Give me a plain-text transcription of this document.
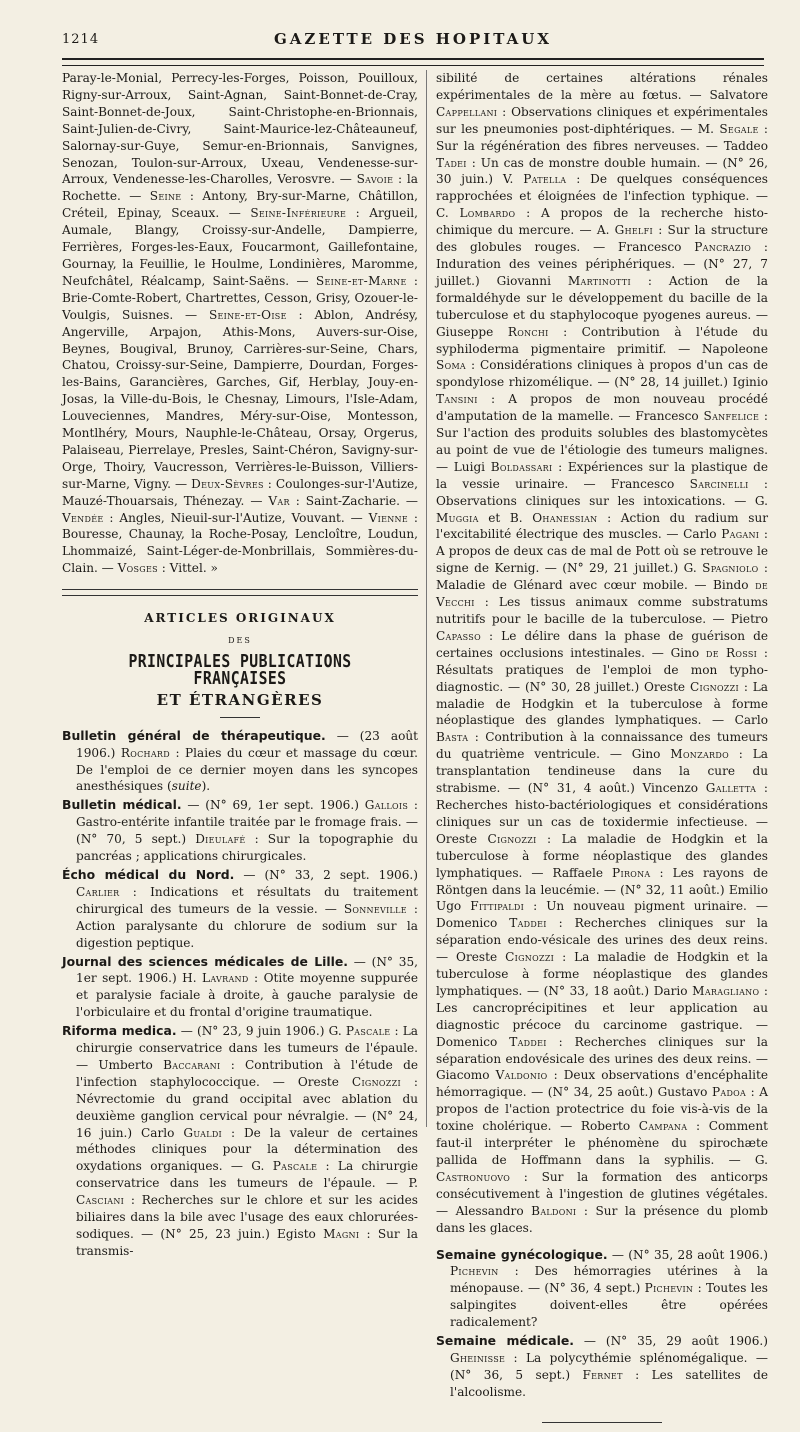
1214	GAZETTE DES HOPITAUX

Paray-le-Monial, Perrecy-les-Forges, Poisson, Pouilloux, Rigny-sur-Arroux, Saint-Agnan, Saint-Bonnet-de-Cray, Saint-Bonnet-de-Joux, Saint-Christophe-en-Brionnais, Saint-Julien-de-Civry, Saint-Maurice-lez-Châteauneuf, Salornay-sur-Guye, Semur-en-Brionnais, Sanvignes, Senozan, Toulon-sur-Arroux, Uxeau, Vendenesse-sur-Arroux, Vendenesse-les-Charolles, Verosvre. — Savoie : la Rochette. — Seine : Antony, Bry-sur-Marne, Châtillon, Créteil, Epinay, Sceaux. — Seine-Inférieure : Argueil, Aumale, Blangy, Croissy-sur-Andelle, Dampierre, Ferrières, Forges-les-Eaux, Foucarmont, Gaillefontaine, Gournay, la Feuillie, le Houlme, Londinières, Maromme, Neufchâtel, Réalcamp, Saint-Saëns. — Seine-et-Marne : Brie-Comte-Robert, Chartrettes, Cesson, Grisy, Ozouer-le-Voulgis, Suisnes. — Seine-et-Oise : Ablon, Andrésy, Angerville, Arpajon, Athis-Mons, Auvers-sur-Oise, Beynes, Bougival, Brunoy, Carrières-sur-Seine, Chars, Chatou, Croissy-sur-Seine, Dampierre, Dourdan, Forges-les-Bains, Garancières, Garches, Gif, Herblay, Jouy-en-Josas, la Ville-du-Bois, le Chesnay, Limours, l'Isle-Adam, Louveciennes, Mandres, Méry-sur-Oise, Montesson, Montlhéry, Mours, Nauphle-le-Château, Orsay, Orgerus, Palaiseau, Pierrelaye, Presles, Saint-Chéron, Savigny-sur-Orge, Thoiry, Vaucresson, Verrières-le-Buisson, Villiers-sur-Marne, Vigny. — Deux-Sèvres : Coulonges-sur-l'Autize, Mauzé-Thouarsais, Thénezay. — Var : Saint-Zacharie. — Vendée : Angles, Nieuil-sur-l'Autize, Vouvant. — Vienne : Bouresse, Chaunay, la Roche-Posay, Lencloître, Loudun, Lhommaizé, Saint-Léger-de-Monbrillais, Sommières-du-Clain. — Vosges : Vittel. »

ARTICLES ORIGINAUX
DES
PRINCIPALES PUBLICATIONS FRANÇAISES
ET ÉTRANGÈRES

Bulletin général de thérapeutique. — (23 août 1906.) Rochard : Plaies du cœur et massage du cœur. De l'emploi de ce dernier moyen dans les syncopes anesthésiques (suite).

Bulletin médical. — (N° 69, 1er sept. 1906.) Gallois : Gastro-entérite infantile traitée par le fromage frais. — (N° 70, 5 sept.) Dieulafé : Sur la topographie du pancréas ; applications chirurgicales.

Écho médical du Nord. — (N° 33, 2 sept. 1906.) Carlier : Indications et résultats du traitement chirurgical des tumeurs de la vessie. — Sonneville : Action paralysante du chlorure de sodium sur la digestion peptique.

Journal des sciences médicales de Lille. — (N° 35, 1er sept. 1906.) H. Lavrand : Otite moyenne suppurée et paralysie faciale à droite, à gauche paralysie de l'orbiculaire et du frontal d'origine traumatique.

Riforma medica. — (N° 23, 9 juin 1906.) G. Pascale : La chirurgie conservatrice dans les tumeurs de l'épaule. — Umberto Baccarani : Contribution à l'étude de l'infection staphylococcique. — Oreste Cignozzi : Névrectomie du grand occipital avec ablation du deuxième ganglion cervical pour névralgie. — (N° 24, 16 juin.) Carlo Gualdi : De la valeur de certaines méthodes cliniques pour la détermination des oxydations organiques. — G. Pascale : La chirurgie conservatrice dans les tumeurs de l'épaule. — P. Casciani : Recherches sur le chlore et sur les acides biliaires dans la bile avec l'usage des eaux chlorurées-sodiques. — (N° 25, 23 juin.) Egisto Magni : Sur la transmis-

sibilité de certaines altérations rénales expérimentales de la mère au fœtus. — Salvatore Cappellani : Observations cliniques et expérimentales sur les pneumonies post-diphtériques. — M. Segale : Sur la régénération des fibres nerveuses. — Taddeo Tadei : Un cas de monstre double humain. — (N° 26, 30 juin.) V. Patella : De quelques conséquences rapprochées et éloignées de l'infection typhique. — C. Lombardo : A propos de la recherche histo-chimique du mercure. — A. Ghelfi : Sur la structure des globules rouges. — Francesco Pancrazio : Induration des veines périphériques. — (N° 27, 7 juillet.) Giovanni Martinotti : Action de la formaldéhyde sur le développement du bacille de la tuberculose et du staphylocoque pyogenes aureus. — Giuseppe Ronchi : Contribution à l'étude du syphiloderma pigmentaire primitif. — Napoleone Soma : Considérations cliniques à propos d'un cas de spondylose rhizomélique. — (N° 28, 14 juillet.) Iginio Tansini : A propos de mon nouveau procédé d'amputation de la mamelle. — Francesco Sanfelice : Sur l'action des produits solubles des blastomycètes au point de vue de l'étiologie des tumeurs malignes. — Luigi Boldassari : Expériences sur la plastique de la vessie urinaire. — Francesco Sarcinelli : Observations cliniques sur les intoxications. — G. Muggia et B. Ohanessian : Action du radium sur l'excitabilité électrique des muscles. — Carlo Pagani : A propos de deux cas de mal de Pott où se retrouve le signe de Kernig. — (N° 29, 21 juillet.) G. Spagniolo : Maladie de Glénard avec cœur mobile. — Bindo de Vecchi : Les tissus animaux comme substratums nutritifs pour le bacille de la tuberculose. — Pietro Capasso : Le délire dans la phase de guérison de certaines occlusions intestinales. — Gino de Rossi : Résultats pratiques de l'emploi de mon typho-diagnostic. — (N° 30, 28 juillet.) Oreste Cignozzi : La maladie de Hodgkin et la tuberculose à forme néoplastique des glandes lymphatiques. — Carlo Basta : Contribution à la connaissance des tumeurs du quatrième ventricule. — Gino Monzardo : La transplantation tendineuse dans la cure du strabisme. — (N° 31, 4 août.) Vincenzo Galletta : Recherches histo-bactériologiques et considérations cliniques sur un cas de toxidermie infectieuse. — Oreste Cignozzi : La maladie de Hodgkin et la tuberculose à forme néoplastique des glandes lymphatiques. — Raffaele Pirona : Les rayons de Röntgen dans la leucémie. — (N° 32, 11 août.) Emilio Ugo Fittipaldi : Un nouveau pigment urinaire. — Domenico Taddei : Recherches cliniques sur la séparation endo-vésicale des urines des deux reins. — Oreste Cignozzi : La maladie de Hodgkin et la tuberculose à forme néoplastique des glandes lymphatiques. — (N° 33, 18 août.) Dario Maragliano : Les cancroprécipitines et leur application au diagnostic précoce du carcinome gastrique. — Domenico Taddei : Recherches cliniques sur la séparation endovésicale des urines des deux reins. — Giacomo Valdonio : Deux observations d'encéphalite hémorragique. — (N° 34, 25 août.) Gustavo Padoa : A propos de l'action protectrice du foie vis-à-vis de la toxine cholérique. — Roberto Campana : Comment faut-il interpréter le phénomène du spirochæte pallida de Hoffmann dans la syphilis. — G. Castronuovo : Sur la formation des anticorps consécutivement à l'ingestion de glutines végétales. — Alessandro Baldoni : Sur la présence du plomb dans les glaces.

Semaine gynécologique. — (N° 35, 28 août 1906.) Pichevin : Des hémorragies utérines à la ménopause. — (N° 36, 4 sept.) Pichevin : Toutes les salpingites doivent-elles être opérées radicalement?

Semaine médicale. — (N° 35, 29 août 1906.) Gheinisse : La polycythémie splénomégalique. — (N° 36, 5 sept.) Fernet : Les satellites de l'alcoolisme.
